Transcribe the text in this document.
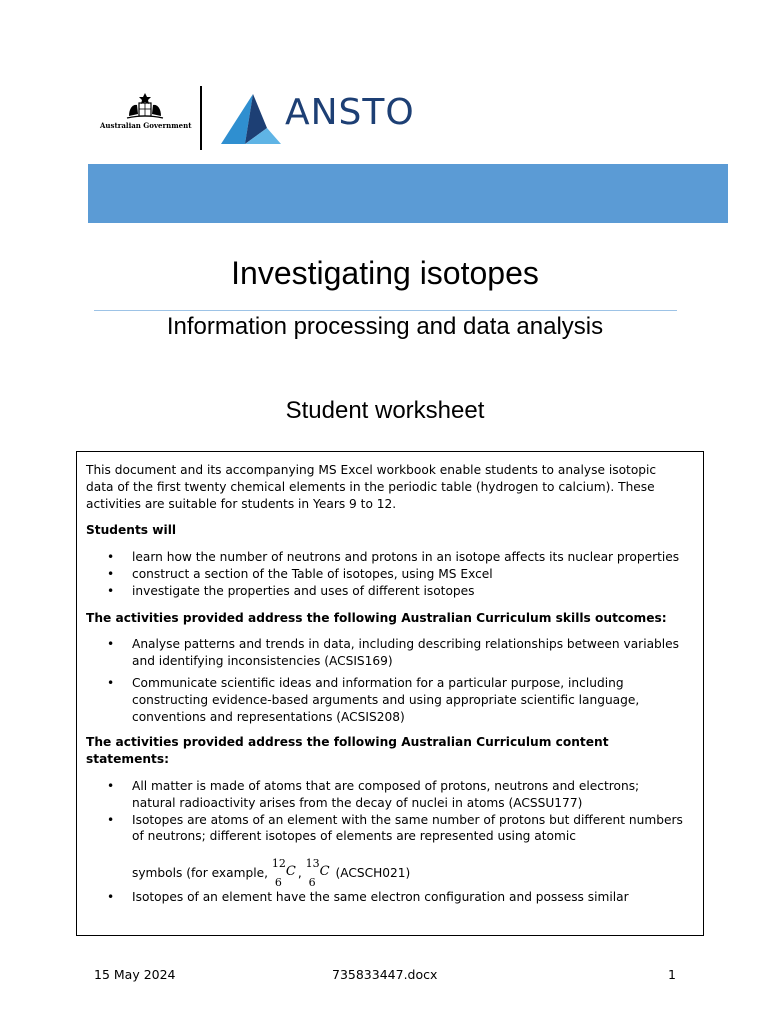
Australian Government	ANSTO
Investigating isotopes
Information processing and data analysis
Student worksheet

This document and its accompanying MS Excel workbook enable students to analyse isotopic data of the first twenty chemical elements in the periodic table (hydrogen to calcium). These activities are suitable for students in Years 9 to 12.

Students will

• learn how the number of neutrons and protons in an isotope affects its nuclear properties
• construct a section of the Table of isotopes, using MS Excel
• investigate the properties and uses of different isotopes

The activities provided address the following Australian Curriculum skills outcomes:

• Analyse patterns and trends in data, including describing relationships between variables and identifying inconsistencies (ACSIS169)
• Communicate scientific ideas and information for a particular purpose, including constructing evidence-based arguments and using appropriate scientific language, conventions and representations (ACSIS208)

The activities provided address the following Australian Curriculum content statements:

• All matter is made of atoms that are composed of protons, neutrons and electrons; natural radioactivity arises from the decay of nuclei in atoms (ACSSU177)
• Isotopes are atoms of an element with the same number of protons but different numbers of neutrons; different isotopes of elements are represented using atomic
symbols (for example,
12
6
C ,
13
6
C (ACSCH021)
• Isotopes of an element have the same electron configuration and possess similar
15 May 2024	735833447.docx	1
